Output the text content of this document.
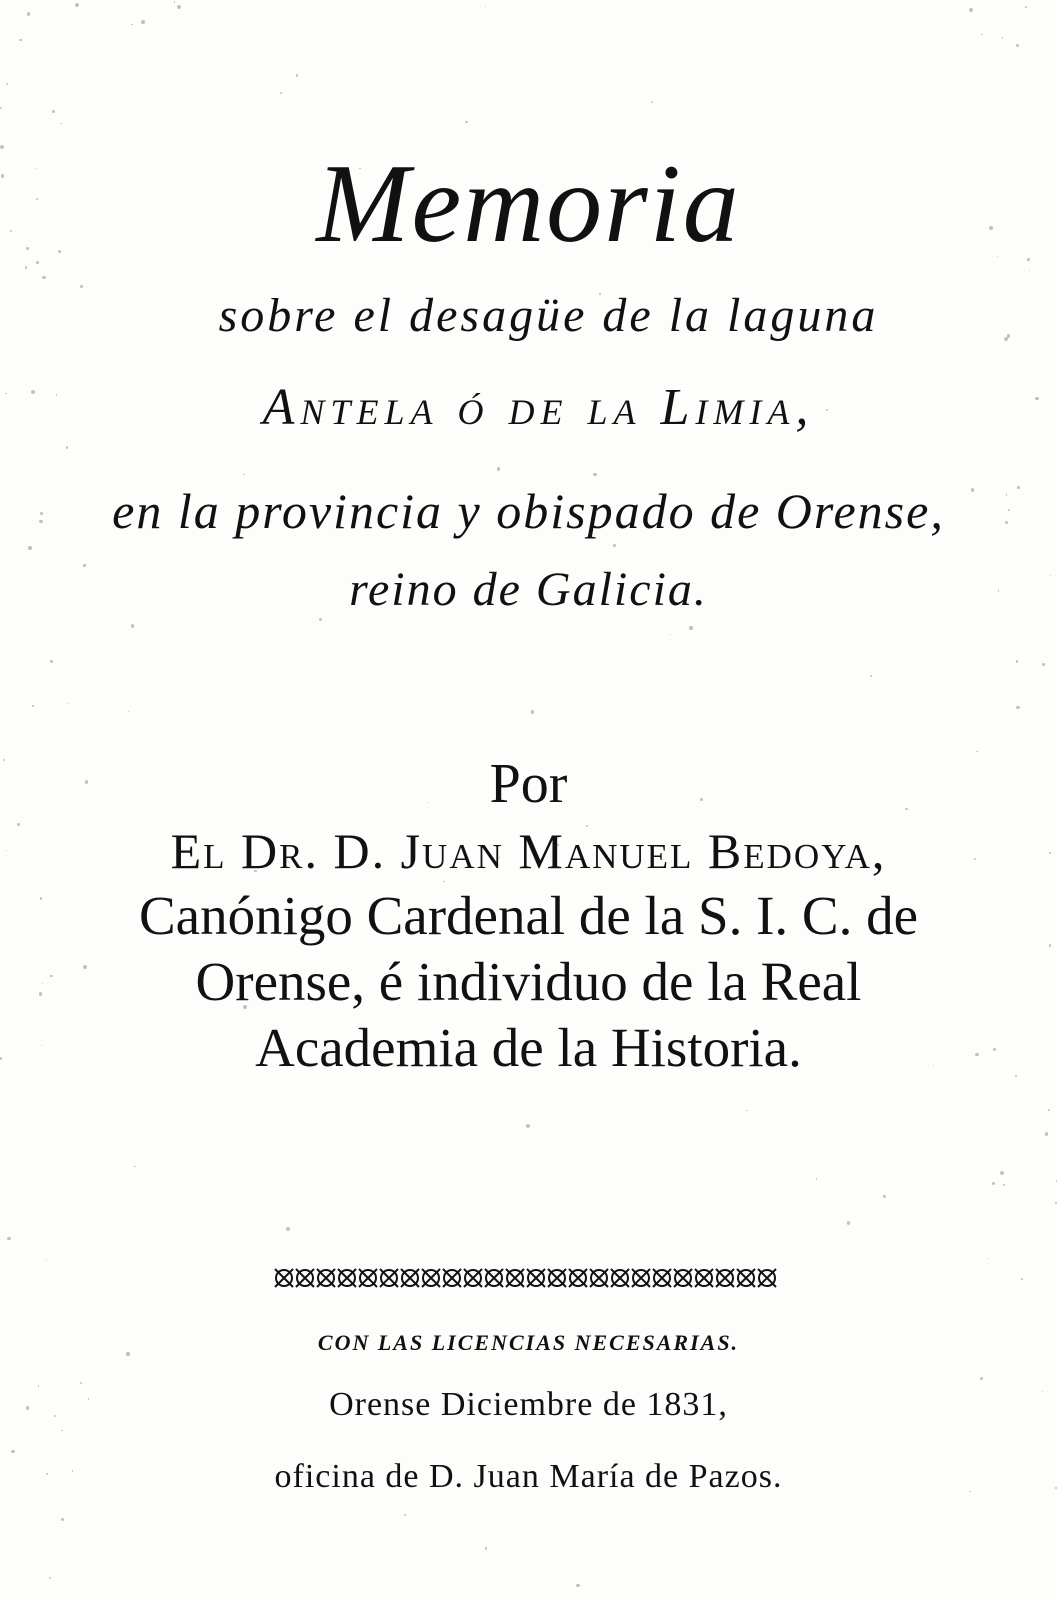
Memoria
sobre el desagüe de la laguna
Antela ó de la Limia,
en la provincia y obispado de Orense,
reino de Galicia.
Por
El Dr. D. Juan Manuel Bedoya,
Canónigo Cardenal de la S. I. C. de
Orense, é individuo de la Real
Academia de la Historia.
CON LAS LICENCIAS NECESARIAS.
Orense Diciembre de 1831,
oficina de D. Juan María de Pazos.
